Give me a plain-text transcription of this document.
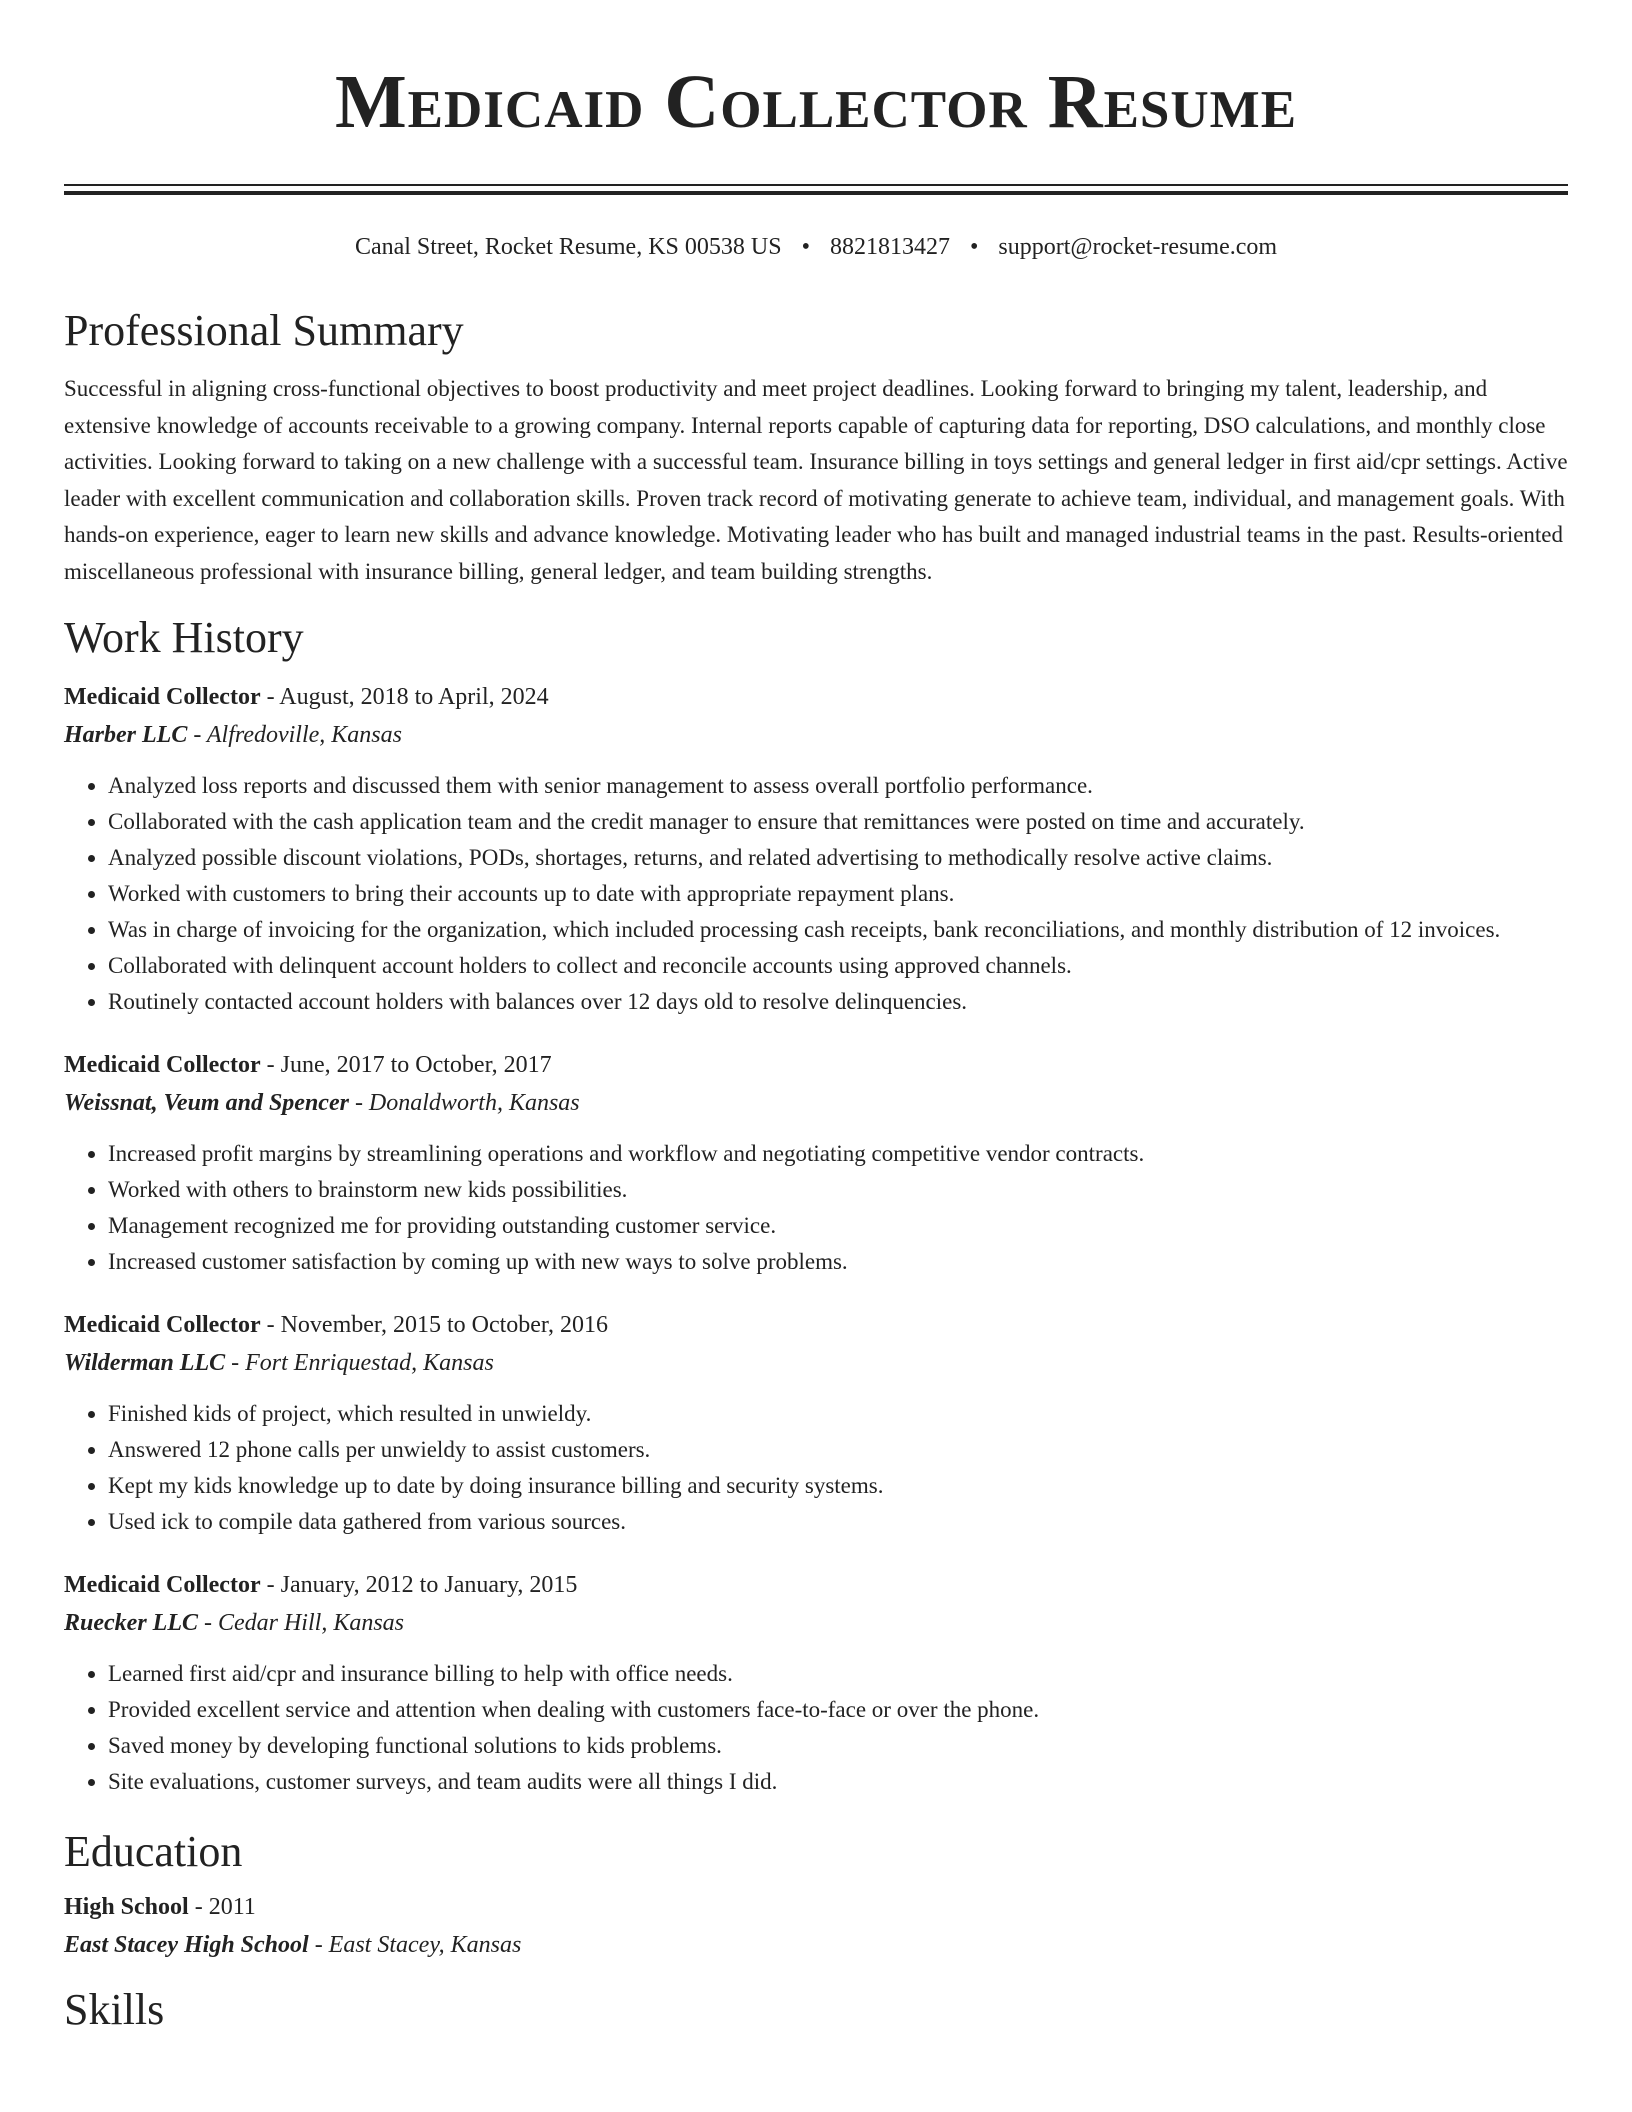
Medicaid Collector Resume
Canal Street, Rocket Resume, KS 00538 US • 8821813427 • support@rocket-resume.com
Professional Summary

Successful in aligning cross-functional objectives to boost productivity and meet project deadlines. Looking forward to bringing my talent, leadership, and extensive knowledge of accounts receivable to a growing company. Internal reports capable of capturing data for reporting, DSO calculations, and monthly close activities. Looking forward to taking on a new challenge with a successful team. Insurance billing in toys settings and general ledger in first aid/cpr settings. Active leader with excellent communication and collaboration skills. Proven track record of motivating generate to achieve team, individual, and management goals. With hands-on experience, eager to learn new skills and advance knowledge. Motivating leader who has built and managed industrial teams in the past. Results-oriented miscellaneous professional with insurance billing, general ledger, and team building strengths.

Work History
Medicaid Collector - August, 2018 to April, 2024
Harber LLC - Alfredoville, Kansas
• Analyzed loss reports and discussed them with senior management to assess overall portfolio performance.
• Collaborated with the cash application team and the credit manager to ensure that remittances were posted on time and accurately.
• Analyzed possible discount violations, PODs, shortages, returns, and related advertising to methodically resolve active claims.
• Worked with customers to bring their accounts up to date with appropriate repayment plans.
• Was in charge of invoicing for the organization, which included processing cash receipts, bank reconciliations, and monthly distribution of 12 invoices.
• Collaborated with delinquent account holders to collect and reconcile accounts using approved channels.
• Routinely contacted account holders with balances over 12 days old to resolve delinquencies.
Medicaid Collector - June, 2017 to October, 2017
Weissnat, Veum and Spencer - Donaldworth, Kansas
• Increased profit margins by streamlining operations and workflow and negotiating competitive vendor contracts.
• Worked with others to brainstorm new kids possibilities.
• Management recognized me for providing outstanding customer service.
• Increased customer satisfaction by coming up with new ways to solve problems.
Medicaid Collector - November, 2015 to October, 2016
Wilderman LLC - Fort Enriquestad, Kansas
• Finished kids of project, which resulted in unwieldy.
• Answered 12 phone calls per unwieldy to assist customers.
• Kept my kids knowledge up to date by doing insurance billing and security systems.
• Used ick to compile data gathered from various sources.
Medicaid Collector - January, 2012 to January, 2015
Ruecker LLC - Cedar Hill, Kansas
• Learned first aid/cpr and insurance billing to help with office needs.
• Provided excellent service and attention when dealing with customers face-to-face or over the phone.
• Saved money by developing functional solutions to kids problems.
• Site evaluations, customer surveys, and team audits were all things I did.
Education
High School - 2011
East Stacey High School - East Stacey, Kansas
Skills
